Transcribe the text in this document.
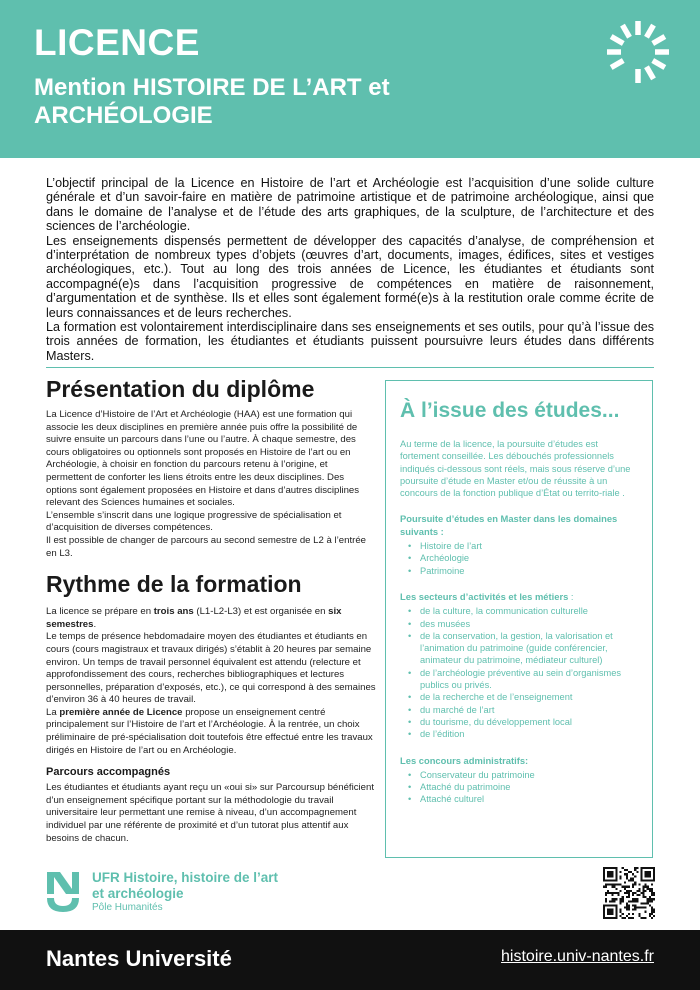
LICENCE
Mention HISTOIRE DE L’ART et ARCHÉOLOGIE

L’objectif principal de la Licence en Histoire de l’art et Archéologie est l’acquisition d’une solide culture générale et d’un savoir-faire en matière de patrimoine artistique et de patrimoine archéologique, ainsi que dans le domaine de l’analyse et de l’étude des arts graphiques, de la sculpture, de l’architecture et des sciences de l’archéologie.

Les enseignements dispensés permettent de développer des capacités d’analyse, de compréhension et d’interprétation de nombreux types d’objets (œuvres d’art, documents, images, édifices, sites et vestiges archéologiques, etc.). Tout au long des trois années de Licence, les étudiantes et étudiants sont accompagné(e)s dans l’acquisition progressive de compétences en matière de raisonnement, d’argumentation et de synthèse. Ils et elles sont également formé(e)s à la restitution orale comme écrite de leurs connaissances et de leurs recherches.

La formation est volontairement interdisciplinaire dans ses enseignements et ses outils, pour qu’à l’issue des trois années de formation, les étudiantes et étudiants puissent poursuivre leurs études dans différents Masters.

Présentation du diplôme

La Licence d’Histoire de l’Art et Archéologie (HAA) est une formation qui associe les deux disciplines en première année puis offre la possibilité de suivre ensuite un parcours dans l’une ou l’autre. À chaque semestre, des cours obligatoires ou optionnels sont proposés en Histoire de l’art ou en Archéologie, à choisir en fonction du parcours retenu à l’origine, et permettent de conforter les liens étroits entre les deux disciplines. Des options sont également proposées en Histoire et dans d’autres disciplines relevant des Sciences humaines et sociales.

L’ensemble s’inscrit dans une logique progressive de spécialisation et d’acquisition de diverses compétences.

Il est possible de changer de parcours au second semestre de L2 à l’entrée en L3.

Rythme de la formation

La licence se prépare en trois ans (L1-L2-L3) et est organisée en six semestres.

Le temps de présence hebdomadaire moyen des étudiantes et étudiants en cours (cours magistraux et travaux dirigés) s’établit à 20 heures par semaine environ. Un temps de travail personnel équivalent est attendu (relecture et approfondissement des cours, recherches bibliographiques et lectures personnelles, préparation d’exposés, etc.), ce qui correspond à des semaines d’environ 36 à 40 heures de travail.

La première année de Licence propose un enseignement centré principalement sur l’Histoire de l’art et l’Archéologie. À la rentrée, un choix préliminaire de pré-spécialisation doit toutefois être effectué entre les travaux dirigés en Histoire de l’art ou en Archéologie.

Parcours accompagnés

Les étudiantes et étudiants ayant reçu un «oui si» sur Parcoursup bénéficient d’un enseignement spécifique portant sur la méthodologie du travail universitaire leur permettant une remise à niveau, d’un accompagnement individuel par une référente de proximité et d’un tutorat plus attentif aux besoins de chacun.

À l’issue des études...
Au terme de la licence, la poursuite d’études est fortement conseillée. Les débouchés professionnels indiqués ci-dessous sont réels, mais sous réserve d’une poursuite d’étude en Master et/ou de réussite à un concours de la fonction publique d’État ou territo-riale .
Poursuite d’études en Master dans les domaines suivants :
• Histoire de l’art
• Archéologie
• Patrimoine
Les secteurs d’activités et les métiers :
• de la culture, la communication culturelle
• des musées
• de la conservation, la gestion, la valorisation et l’animation du patrimoine (guide conférencier, animateur du patrimoine, médiateur culturel)
• de l’archéologie préventive au sein d’organismes publics ou privés.
• de la recherche et de l’enseignement
• du marché de l’art
• du tourisme, du développement local
• de l’édition
Les concours administratifs:
• Conservateur du patrimoine
• Attaché du patrimoine
• Attaché culturel
UFR Histoire, histoire de l’art
et archéologie
Pôle Humanités
Nantes Université	histoire.univ-nantes.fr
